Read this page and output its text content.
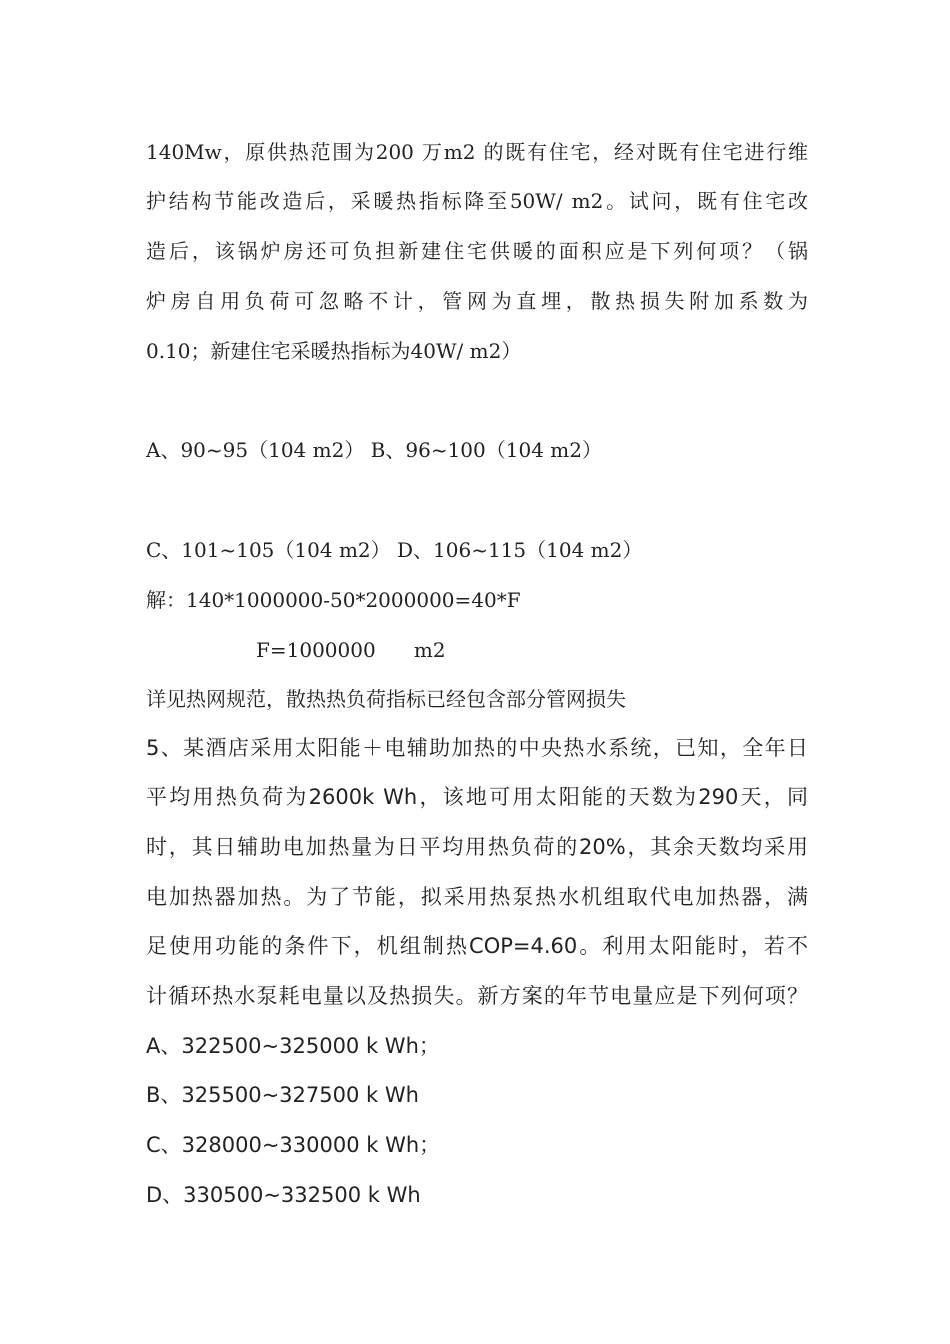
140Mw，原供热范围为200 万m2 的既有住宅，经对既有住宅进行维
护结构节能改造后，采暖热指标降至50W/ m2。试问，既有住宅改
造后，该锅炉房还可负担新建住宅供暖的面积应是下列何项？（锅
炉房自用负荷可忽略不计，管网为直埋，散热损失附加系数为
0.10；新建住宅采暖热指标为40W/ m2）
A、90~95（104 m2） B、96~100（104 m2）
C、101~105（104 m2） D、106~115（104 m2）
解：140*1000000-50*2000000=40*F
F=1000000      m2
详见热网规范，散热热负荷指标已经包含部分管网损失
5、某酒店采用太阳能＋电辅助加热的中央热水系统，已知，全年日
平均用热负荷为2600k Wh，该地可用太阳能的天数为290天，同
时，其日辅助电加热量为日平均用热负荷的20%，其余天数均采用
电加热器加热。为了节能，拟采用热泵热水机组取代电加热器，满
足使用功能的条件下，机组制热COP=4.60。利用太阳能时，若不
计循环热水泵耗电量以及热损失。新方案的年节电量应是下列何项？
A、322500~325000 k Wh；
B、325500~327500 k Wh
C、328000~330000 k Wh；
D、330500~332500 k Wh
